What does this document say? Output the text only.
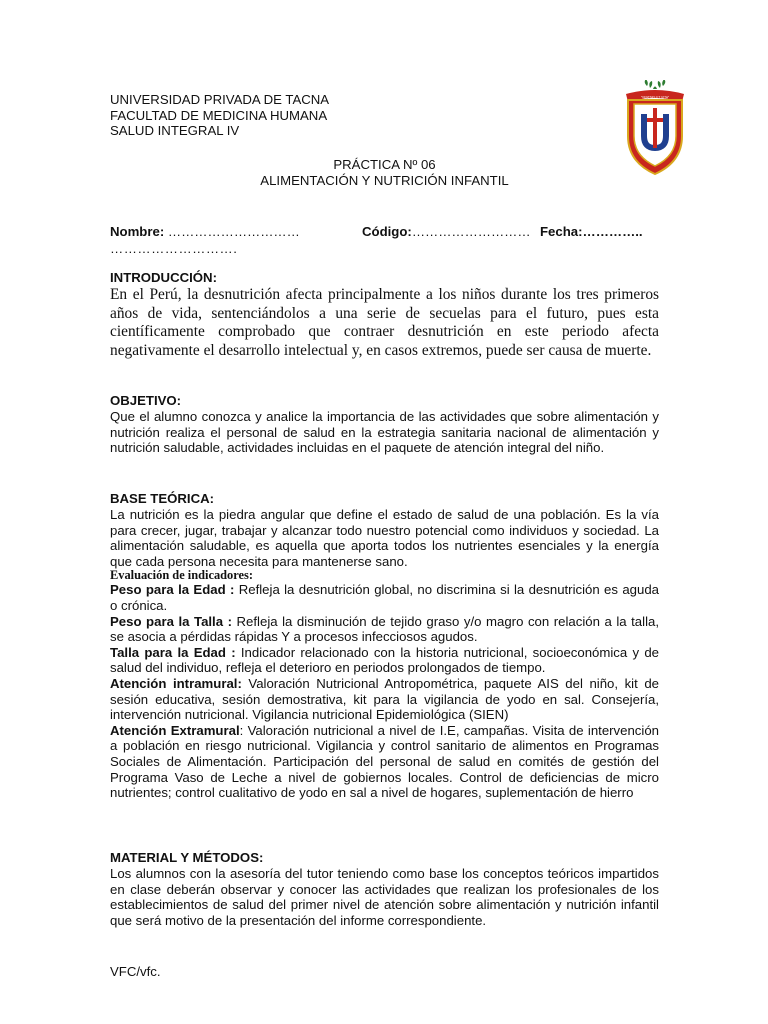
UNIVERSIDAD PRIVADA DE TACNA
FACULTAD DE MEDICINA HUMANA
SALUD INTEGRAL IV
PRÁCTICA Nº 06
ALIMENTACIÓN Y NUTRICIÓN INFANTIL
Nombre: …………………………	Código:……………………… Fecha:…………..
……………………….
INTRODUCCIÓN:

En el Perú, la desnutrición afecta principalmente a los niños durante los tres primeros años de vida, sentenciándolos a una serie de secuelas para el futuro, pues esta científicamente comprobado que contraer desnutrición en este periodo afecta negativamente el desarrollo intelectual y, en casos extremos, puede ser causa de muerte.

OBJETIVO:

Que el alumno conozca y analice la importancia de las actividades que sobre alimentación y nutrición realiza el personal de salud en la estrategia sanitaria nacional de alimentación y nutrición saludable, actividades incluidas en el paquete de atención integral del niño.

BASE TEÓRICA:

La nutrición es la piedra angular que define el estado de salud de una población. Es la vía para crecer, jugar, trabajar y alcanzar todo nuestro potencial como individuos y sociedad. La alimentación saludable, es aquella que aporta todos los nutrientes esenciales y la energía que cada persona necesita para mantenerse sano.

Evaluación de indicadores:

Peso para la Edad : Refleja la desnutrición global, no discrimina si la desnutrición es aguda o crónica.

Peso para la Talla : Refleja la disminución de tejido graso y/o magro con relación a la talla, se asocia a pérdidas rápidas Y a procesos infecciosos agudos.

Talla para la Edad : Indicador relacionado con la historia nutricional, socioeconómica y de salud del individuo, refleja el deterioro en periodos prolongados de tiempo.

Atención intramural: Valoración Nutricional Antropométrica, paquete AIS del niño, kit de sesión educativa, sesión demostrativa, kit para la vigilancia de yodo en sal. Consejería, intervención nutricional. Vigilancia nutricional Epidemiológica (SIEN)

Atención Extramural: Valoración nutricional a nivel de I.E, campañas. Visita de intervención a población en riesgo nutricional. Vigilancia y control sanitario de alimentos en Programas Sociales de Alimentación. Participación del personal de salud en comités de gestión del Programa Vaso de Leche a nivel de gobiernos locales. Control de deficiencias de micro nutrientes; control cualitativo de yodo en sal a nivel de hogares, suplementación de hierro

MATERIAL Y MÉTODOS:

Los alumnos con la asesoría del tutor teniendo como base los conceptos teóricos impartidos en clase deberán observar y conocer las actividades que realizan los profesionales de los establecimientos de salud del primer nivel de atención sobre alimentación y nutrición infantil que será motivo de la presentación del informe correspondiente.

VFC/vfc.
"VERITAS ET VITA"
